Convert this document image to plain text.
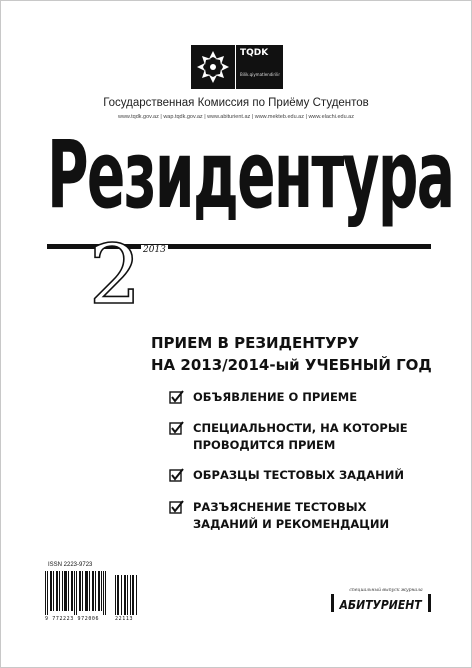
TQDK
Bilik.qiymatlendirilir
Государственная Комиссия по Приёму Студентов
www.tqdk.gov.az | wap.tqdk.gov.az | www.abiturient.az | www.mekteb.edu.az | www.elachi.edu.az
Резидентура
2 2013
ПРИЕМ В РЕЗИДЕНТУРУ
НА 2013/2014-ый УЧЕБНЫЙ ГОД
ОБЪЯВЛЕНИЕ О ПРИЕМЕ
СПЕЦИАЛЬНОСТИ, НА КОТОРЫЕ
ПРОВОДИТСЯ ПРИЕМ
ОБРАЗЦЫ ТЕСТОВЫХ ЗАДАНИЙ
РАЗЪЯСНЕНИЕ ТЕСТОВЫХ
ЗАДАНИЙ И РЕКОМЕНДАЦИИ
ISSN 2223-9723
9 772223 972006	22113
специальный выпуск журнала
АБИТУРИЕНТ
